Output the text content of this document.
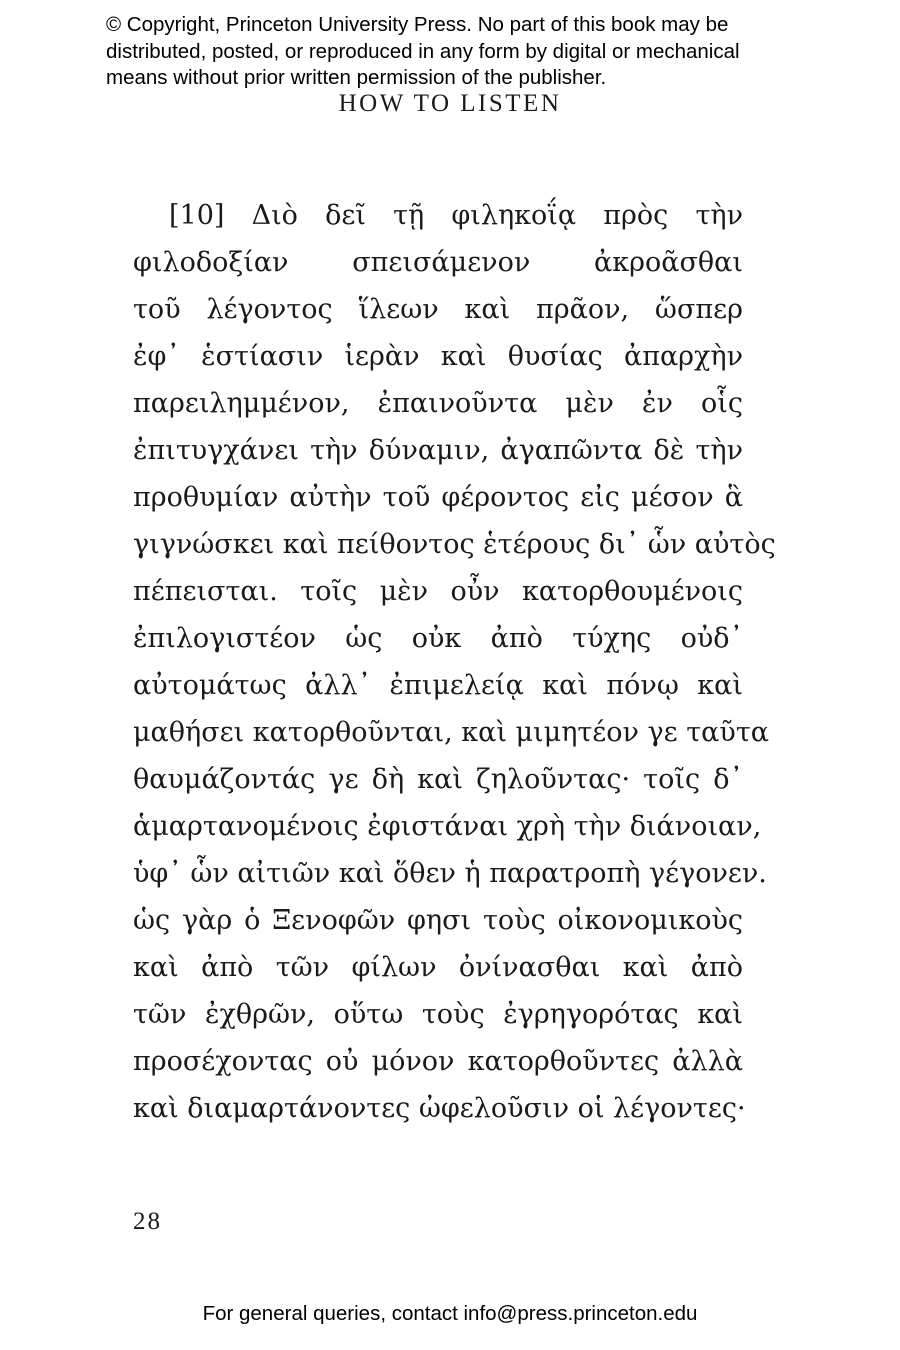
© Copyright, Princeton University Press. No part of this book may be
distributed, posted, or reproduced in any form by digital or mechanical
means without prior written permission of the publisher.
HOW TO LISTEN
[10] Διὸ δεῖ τῇ φιληκοΐᾳ πρὸς τὴν
φιλοδοξίαν σπεισάμενον ἀκροᾶσθαι
τοῦ λέγοντος ἵλεων καὶ πρᾶον, ὥσπερ
ἐφ᾽ ἑστίασιν ἱερὰν καὶ θυσίας ἀπαρχὴν
παρειλημμένον, ἐπαινοῦντα μὲν ἐν οἷς
ἐπιτυγχάνει τὴν δύναμιν, ἀγαπῶντα δὲ τὴν
προθυμίαν αὐτὴν τοῦ φέροντος εἰς μέσον ἃ
γιγνώσκει καὶ πείθοντος ἑτέρους δι᾽ ὧν αὐτὸς
πέπεισται. τοῖς μὲν οὖν κατορθουμένοις
ἐπιλογιστέον ὡς οὐκ ἀπὸ τύχης οὐδ᾽
αὐτομάτως ἀλλ᾽ ἐπιμελείᾳ καὶ πόνῳ καὶ
μαθήσει κατορθοῦνται, καὶ μιμητέον γε ταῦτα
θαυμάζοντάς γε δὴ καὶ ζηλοῦντας· τοῖς δ᾽
ἁμαρτανομένοις ἐφιστάναι χρὴ τὴν διάνοιαν,
ὑφ᾽ ὧν αἰτιῶν καὶ ὅθεν ἡ παρατροπὴ γέγονεν.
ὡς γὰρ ὁ Ξενοφῶν φησι τοὺς οἰκονομικοὺς
καὶ ἀπὸ τῶν φίλων ὀνίνασθαι καὶ ἀπὸ
τῶν ἐχθρῶν, οὕτω τοὺς ἐγρηγορότας καὶ
προσέχοντας οὐ μόνον κατορθοῦντες ἀλλὰ
καὶ διαμαρτάνοντες ὠφελοῦσιν οἱ λέγοντες·
28
For general queries, contact info@press.princeton.edu
